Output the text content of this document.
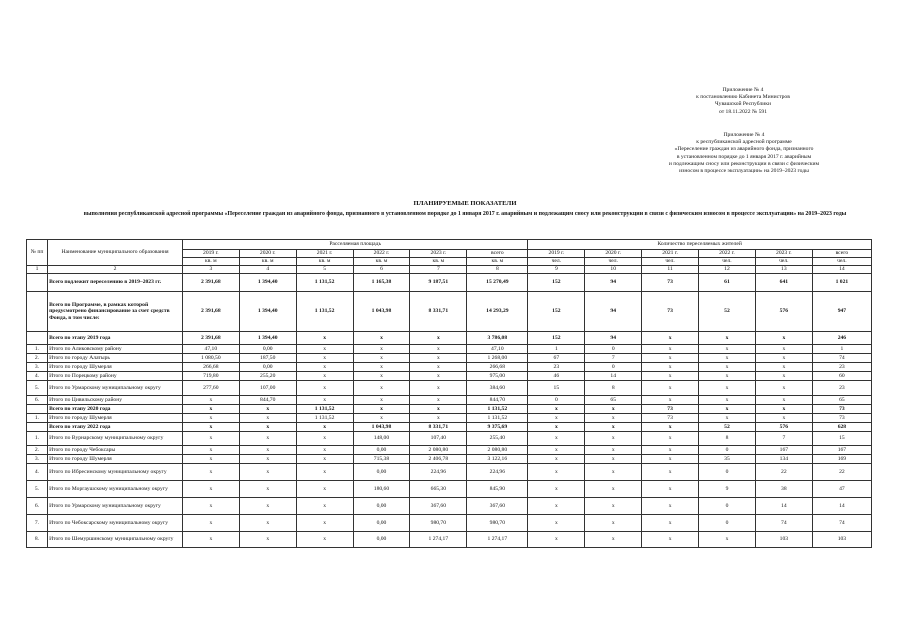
Приложение № 4
к постановлению Кабинета Министров
Чувашской Республики
от 18.11.2022 № 591
Приложение № 4
к республиканской адресной программе
«Переселение граждан из аварийного фонда, признанного
в установленном порядке до 1 января 2017 г. аварийным
и подлежащим сносу или реконструкции в связи с физическим
износом в процессе эксплуатации» на 2019–2023 годы
ПЛАНИРУЕМЫЕ ПОКАЗАТЕЛИ
выполнения республиканской адресной программы «Переселение граждан из аварийного фонда, признанного в установленном порядке до 1 января 2017 г. аварийным и подлежащим сносу или реконструкции в связи с физическим износом в процессе эксплуатации» на 2019–2023 годы
№ пп	Наименование муниципального образования	Расселяемая площадь						Количество переселяемых жителей					
		2019 г.	2020 г.	2021 г.	2022 г.	2023 г.	всего	2019 г.	2020 г.	2021 г.	2022 г.	2023 г.	всего
		кв. м	кв. м	кв. м	кв. м	кв. м	кв. м	чел.	чел.	чел.	чел.	чел.	чел.
1	2	3	4	5	6	7	8	9	10	11	12	13	14
	Всего подлежит переселению в 2019–2023 гг.	2 391,68	1 394,40	1 131,52	1 165,38	9 187,51	15 270,49	152	94	73	61	641	1 021
	Всего по Программе, в рамках которой предусмотрено финансирование за счет средств Фонда, в том числе:	2 391,68	1 394,40	1 131,52	1 043,98	8 331,71	14 293,29	152	94	73	52	576	947
	Всего по этапу 2019 года	2 391,68	1 394,40	x	x	x	3 786,08	152	94	x	x	x	246
1.	Итого по Аликовскому району	47,10	0,00	x	x	x	47,10	1	0	x	x	x	1
2.	Итого по городу Алатырь	1 080,50	187,50	x	x	x	1 268,00	67	7	x	x	x	74
3.	Итого по городу Шумерля	266,68	0,00	x	x	x	266,68	23	0	x	x	x	23
4.	Итого по Порецкому району	719,80	255,20	x	x	x	975,00	46	14	x	x	x	60
5.	Итого по Урмарскому муниципальному округу	277,60	107,00	x	x	x	384,60	15	8	x	x	x	23
6.	Итого по Цивильскому району	x	844,70	x	x	x	844,70	0	65	x	x	x	65
	Всего по этапу 2020 года	x	x	1 131,52	x	x	1 131,52	x	x	73	x	x	73
1.	Итого по городу Шумерля	x	x	1 131,52	x	x	1 131,52	x	x	73	x	x	73
	Всего по этапу 2022 года	x	x	x	1 043,98	8 331,71	9 375,69	x	x	x	52	576	628
1.	Итого по Вурнарскому муниципальному округу	x	x	x	148,00	107,40	255,40	x	x	x	8	7	15
2.	Итого по городу Чебоксары	x	x	x	0,00	2 080,80	2 080,80	x	x	x	0	167	167
3.	Итого по городу Шумерля	x	x	x	715,38	2 406,78	3 122,16	x	x	x	35	134	169
4.	Итого по Ибресинскому муниципальному округу	x	x	x	0,00	224,96	224,96	x	x	x	0	22	22
5.	Итого по Моргаушскому муниципальному округу	x	x	x	180,60	665,30	845,90	x	x	x	9	38	47
6.	Итого по Урмарскому муниципальному округу	x	x	x	0,00	367,60	367,60	x	x	x	0	14	14
7.	Итого по Чебоксарскому муниципальному округу	x	x	x	0,00	980,70	980,70	x	x	x	0	74	74
8.	Итого по Шемуршинскому муниципальному округу	x	x	x	0,00	1 274,17	1 274,17	x	x	x	x	103	103
